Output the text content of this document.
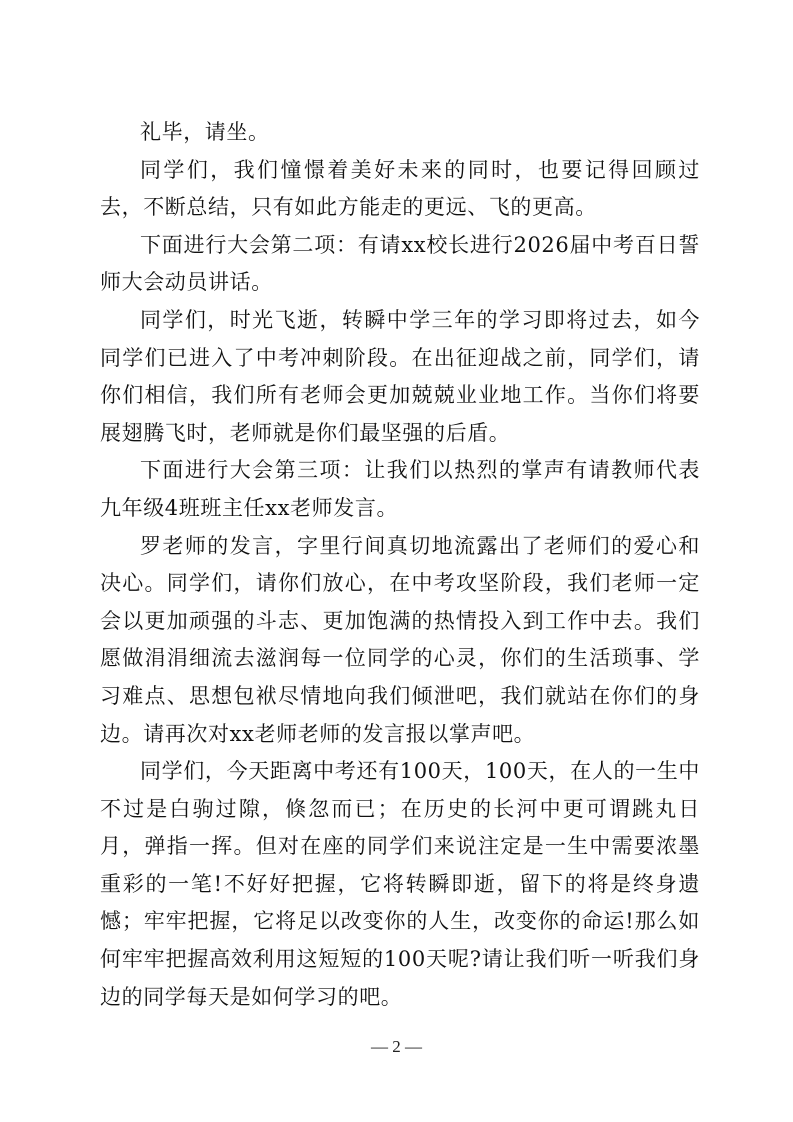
礼毕，请坐。

同学们，我们憧憬着美好未来的同时，也要记得回顾过去，不断总结，只有如此方能走的更远、飞的更高。

下面进行大会第二项：有请xx校长进行2026届中考百日誓师大会动员讲话。

同学们，时光飞逝，转瞬中学三年的学习即将过去，如今同学们已进入了中考冲刺阶段。在出征迎战之前，同学们，请你们相信，我们所有老师会更加兢兢业业地工作。当你们将要展翅腾飞时，老师就是你们最坚强的后盾。

下面进行大会第三项：让我们以热烈的掌声有请教师代表九年级4班班主任xx老师发言。

罗老师的发言，字里行间真切地流露出了老师们的爱心和决心。同学们，请你们放心，在中考攻坚阶段，我们老师一定会以更加顽强的斗志、更加饱满的热情投入到工作中去。我们愿做涓涓细流去滋润每一位同学的心灵，你们的生活琐事、学习难点、思想包袱尽情地向我们倾泄吧，我们就站在你们的身边。请再次对xx老师老师的发言报以掌声吧。

同学们，今天距离中考还有100天，100天，在人的一生中不过是白驹过隙，倏忽而已；在历史的长河中更可谓跳丸日月，弹指一挥。但对在座的同学们来说注定是一生中需要浓墨重彩的一笔!不好好把握，它将转瞬即逝，留下的将是终身遗憾；牢牢把握，它将足以改变你的人生，改变你的命运!那么如何牢牢把握高效利用这短短的100天呢?请让我们听一听我们身边的同学每天是如何学习的吧。

— 2 —
